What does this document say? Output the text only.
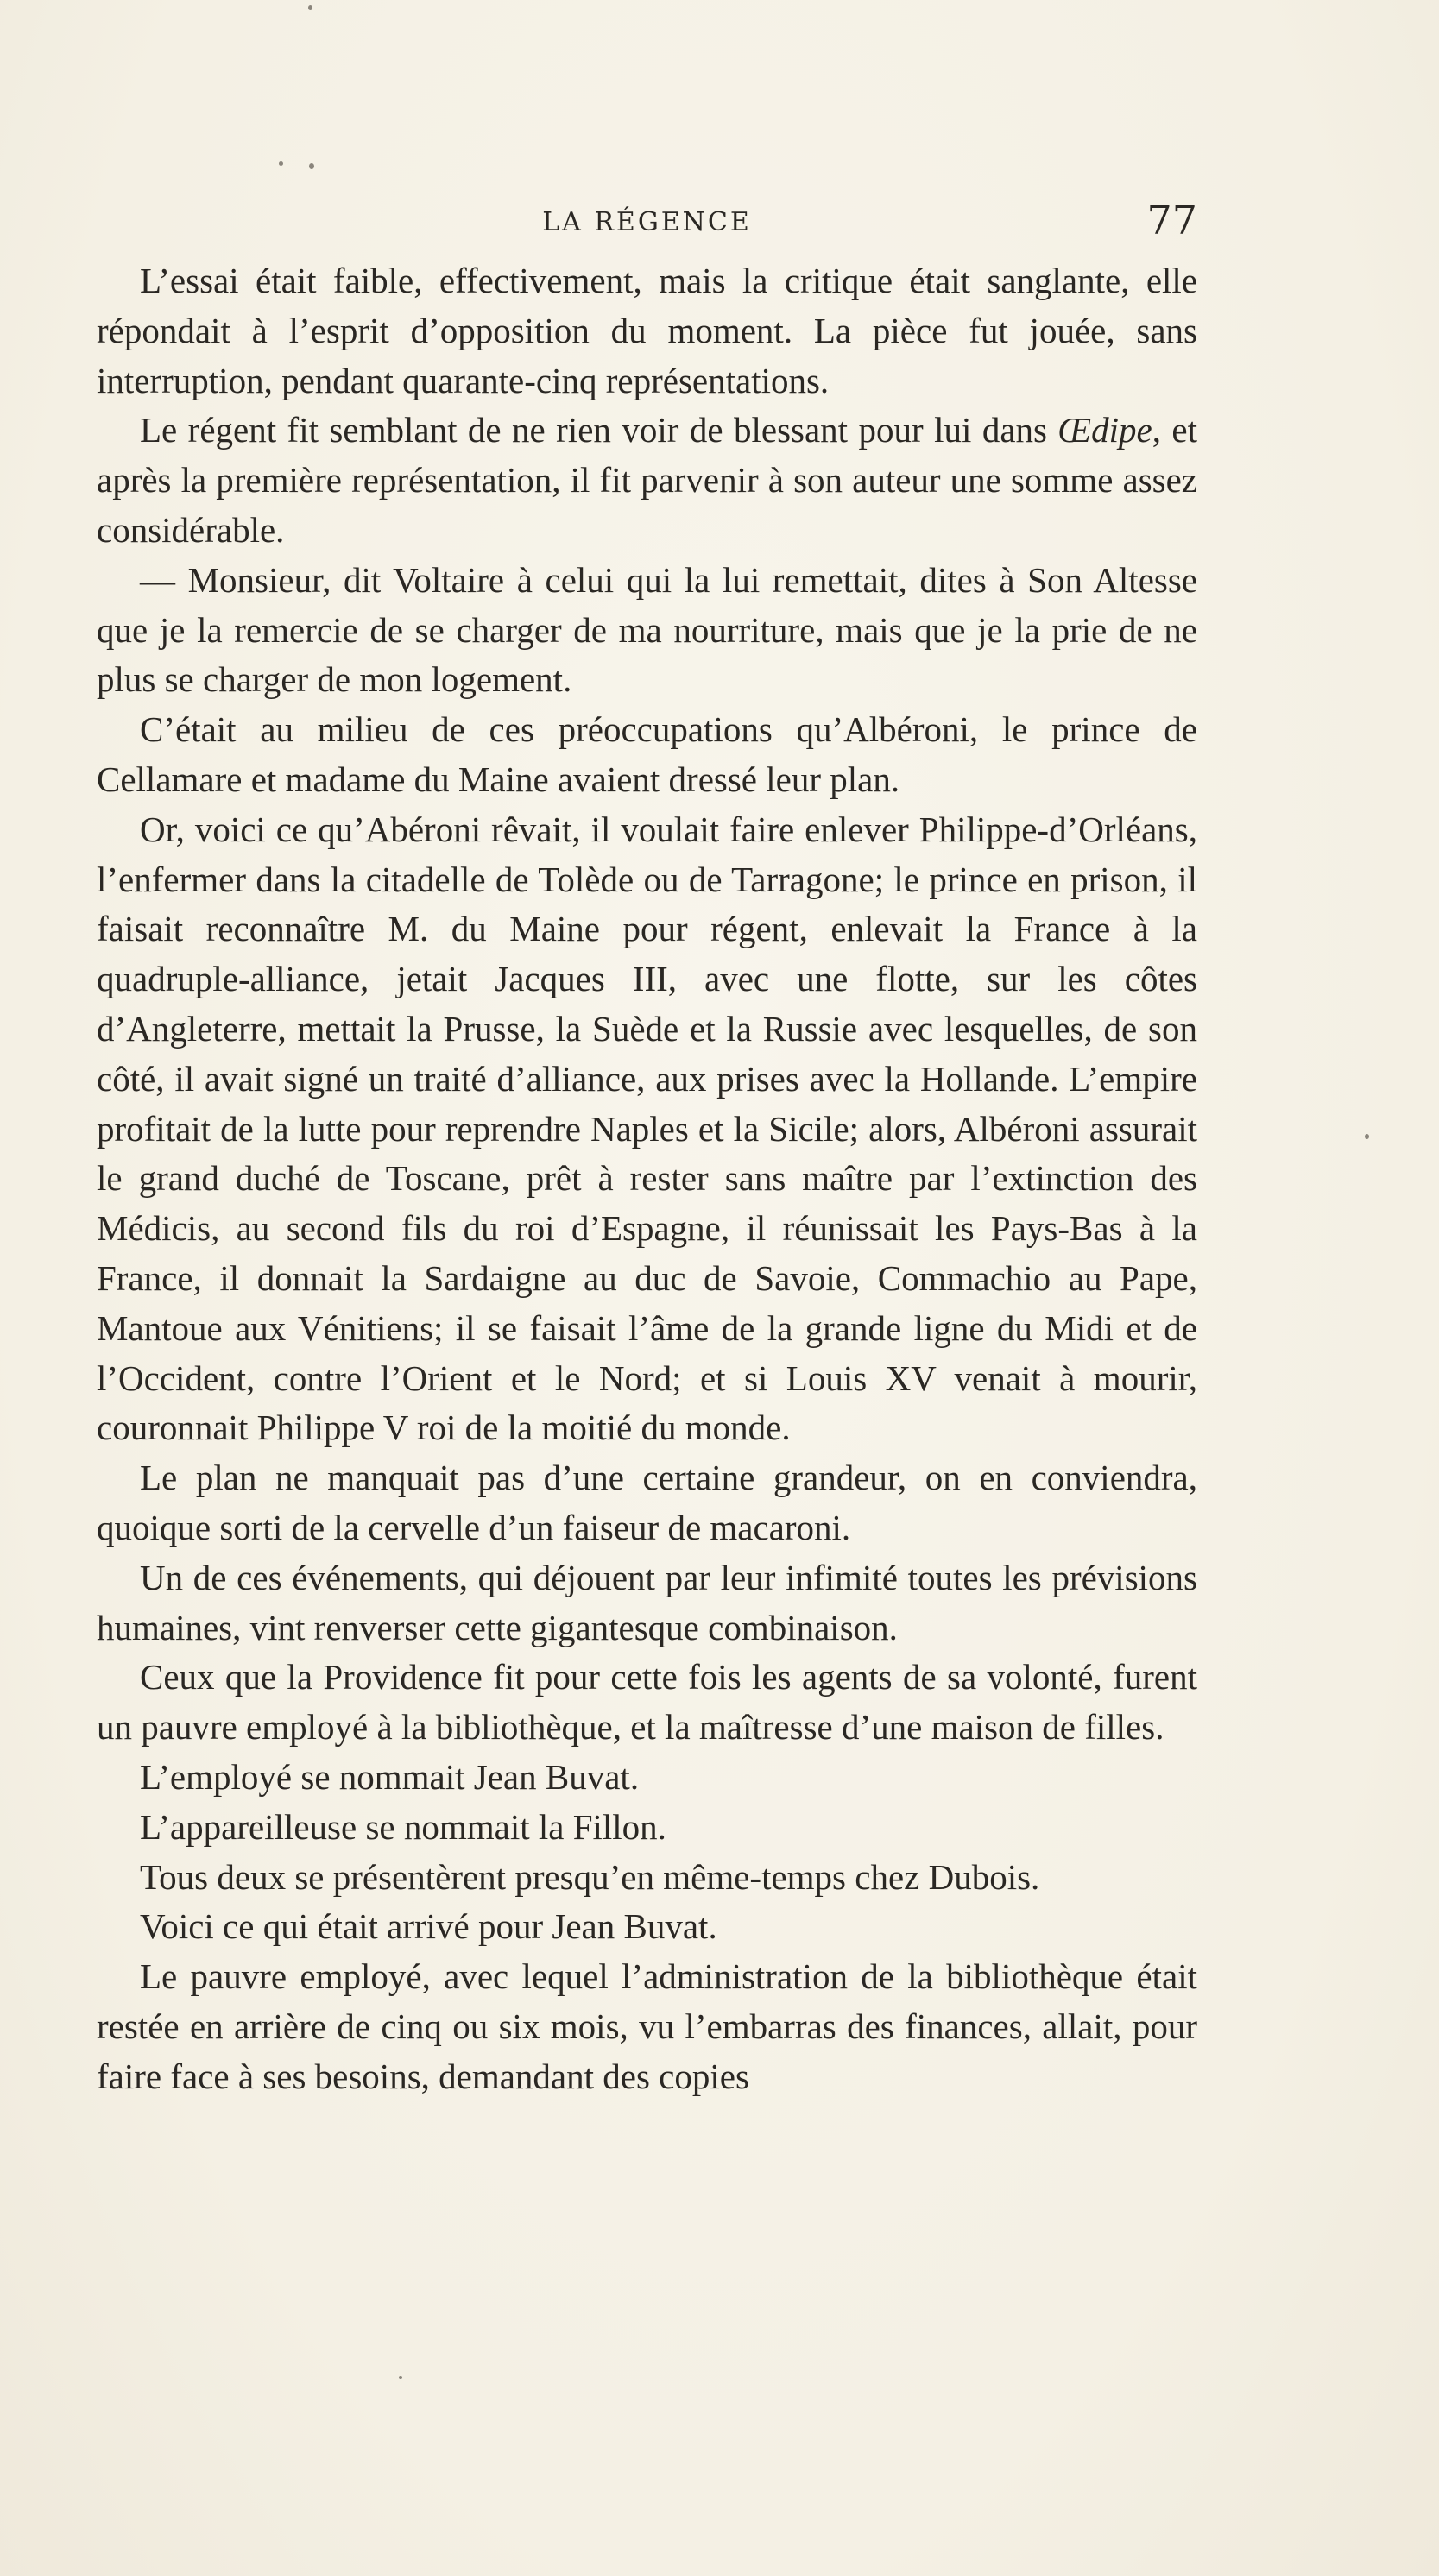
LA RÉGENCE	77

L’essai était faible, effectivement, mais la critique était sanglante, elle répondait à l’esprit d’opposition du moment. La pièce fut jouée, sans interruption, pendant quarante-cinq représentations.

Le régent fit semblant de ne rien voir de blessant pour lui dans Œdipe, et après la première représentation, il fit parvenir à son auteur une somme assez considérable.

— Monsieur, dit Voltaire à celui qui la lui remettait, dites à Son Altesse que je la remercie de se charger de ma nourriture, mais que je la prie de ne plus se charger de mon logement.

C’était au milieu de ces préoccupations qu’Albéroni, le prince de Cellamare et madame du Maine avaient dressé leur plan.

Or, voici ce qu’Abéroni rêvait, il voulait faire enlever Philippe-d’Orléans, l’enfermer dans la citadelle de Tolède ou de Tarragone; le prince en prison, il faisait reconnaître M. du Maine pour régent, enlevait la France à la quadruple-alliance, jetait Jacques III, avec une flotte, sur les côtes d’Angleterre, mettait la Prusse, la Suède et la Russie avec lesquelles, de son côté, il avait signé un traité d’alliance, aux prises avec la Hollande. L’empire profitait de la lutte pour reprendre Naples et la Sicile; alors, Albéroni assurait le grand duché de Toscane, prêt à rester sans maître par l’extinction des Médicis, au second fils du roi d’Espagne, il réunissait les Pays-Bas à la France, il donnait la Sardaigne au duc de Savoie, Commachio au Pape, Mantoue aux Vénitiens; il se faisait l’âme de la grande ligne du Midi et de l’Occident, contre l’Orient et le Nord; et si Louis XV venait à mourir, couronnait Philippe V roi de la moitié du monde.

Le plan ne manquait pas d’une certaine grandeur, on en conviendra, quoique sorti de la cervelle d’un faiseur de macaroni.

Un de ces événements, qui déjouent par leur infimité toutes les prévisions humaines, vint renverser cette gigantesque combinaison.

Ceux que la Providence fit pour cette fois les agents de sa volonté, furent un pauvre employé à la bibliothèque, et la maîtresse d’une maison de filles.

L’employé se nommait Jean Buvat.

L’appareilleuse se nommait la Fillon.

Tous deux se présentèrent presqu’en même-temps chez Dubois.

Voici ce qui était arrivé pour Jean Buvat.

Le pauvre employé, avec lequel l’administration de la bibliothèque était restée en arrière de cinq ou six mois, vu l’embarras des finances, allait, pour faire face à ses besoins, demandant des copies
